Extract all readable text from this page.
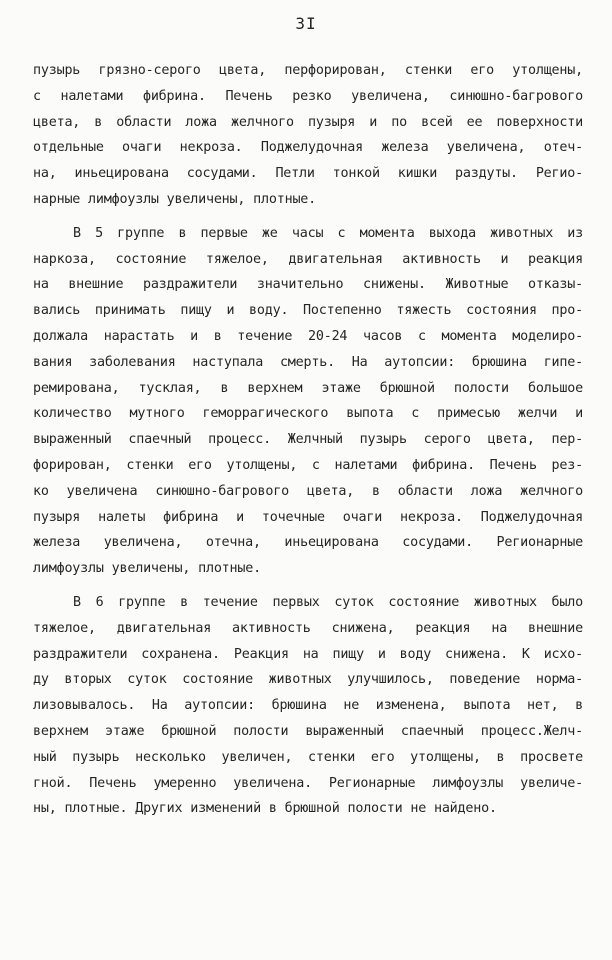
3I
пузырь грязно-серого цвета, перфорирован, стенки его утолщены,
с налетами фибрина. Печень резко увеличена, синюшно-багрового
цвета, в области ложа желчного пузыря и по всей ее поверхности
отдельные очаги некроза. Поджелудочная железа увеличена, отеч-
на, иньецирована сосудами. Петли тонкой кишки раздуты. Регио-
нарные лимфоузлы увеличены, плотные.
В 5 группе в первые же часы с момента выхода животных из
наркоза, состояние тяжелое, двигательная активность и реакция
на внешние раздражители значительно снижены. Животные отказы-
вались принимать пищу и воду. Постепенно тяжесть состояния про-
должала нарастать и в течение 20-24 часов с момента моделиро-
вания заболевания наступала смерть. На аутопсии: брюшина гипе-
ремирована, тусклая, в верхнем этаже брюшной полости большое
количество мутного геморрагического выпота с примесью желчи и
выраженный спаечный процесс. Желчный пузырь серого цвета, пер-
форирован, стенки его утолщены, с налетами фибрина. Печень рез-
ко увеличена синюшно-багрового цвета, в области ложа желчного
пузыря налеты фибрина и точечные очаги некроза. Поджелудочная
железа увеличена, отечна, иньецирована сосудами. Регионарные
лимфоузлы увеличены, плотные.
В 6 группе в течение первых суток состояние животных было
тяжелое, двигательная активность снижена, реакция на внешние
раздражители сохранена. Реакция на пищу и воду снижена. К исхо-
ду вторых суток состояние животных улучшилось, поведение норма-
лизовывалось. На аутопсии: брюшина не изменена, выпота нет, в
верхнем этаже брюшной полости выраженный спаечный процесс.Желч-
ный пузырь несколько увеличен, стенки его утолщены, в просвете
гной. Печень умеренно увеличена. Регионарные лимфоузлы увеличе-
ны, плотные. Других изменений в брюшной полости не найдено.
